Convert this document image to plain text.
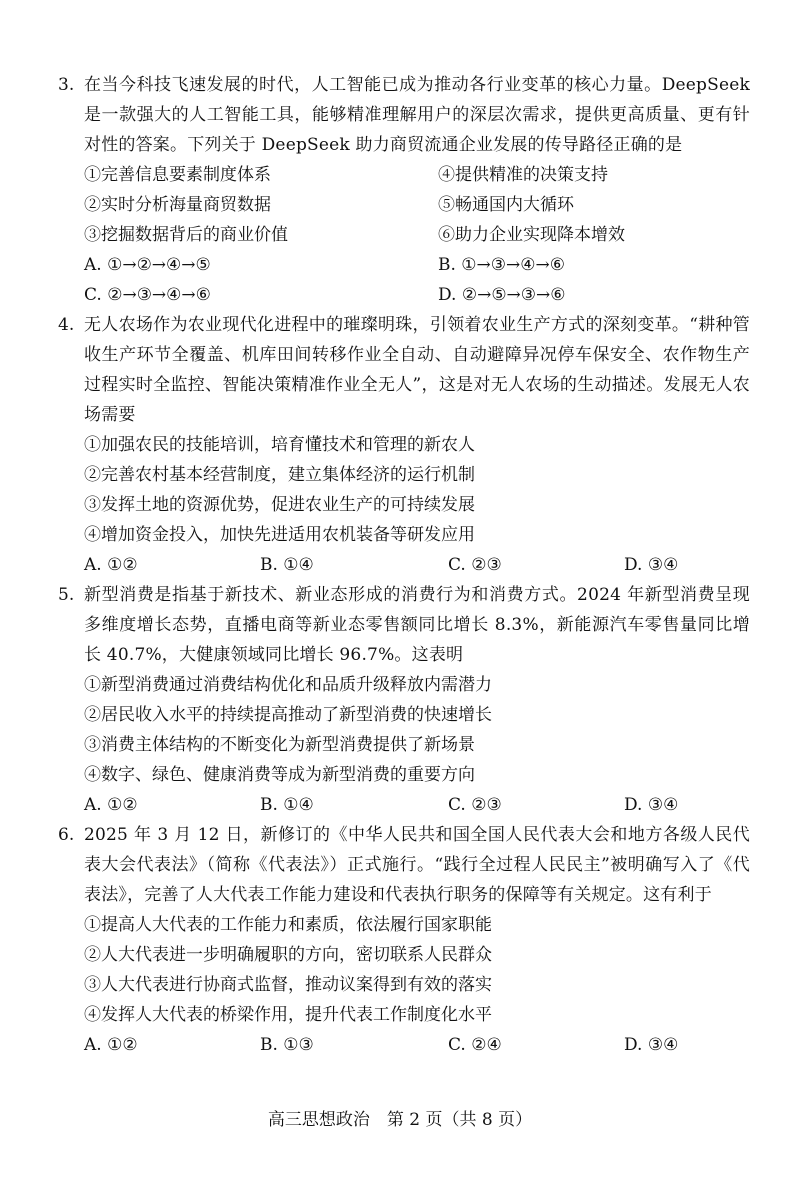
3. 在当今科技飞速发展的时代，人工智能已成为推动各行业变革的核心力量。DeepSeek是一款强大的人工智能工具，能够精准理解用户的深层次需求，提供更高质量、更有针对性的答案。下列关于 DeepSeek 助力商贸流通企业发展的传导路径正确的是
①完善信息要素制度体系	④提供精准的决策支持
②实时分析海量商贸数据	⑤畅通国内大循环
③挖掘数据背后的商业价值	⑥助力企业实现降本增效
A. ①→②→④→⑤	B. ①→③→④→⑥
C. ②→③→④→⑥	D. ②→⑤→③→⑥
4. 无人农场作为农业现代化进程中的璀璨明珠，引领着农业生产方式的深刻变革。“耕种管收生产环节全覆盖、机库田间转移作业全自动、自动避障异况停车保安全、农作物生产过程实时全监控、智能决策精准作业全无人”，这是对无人农场的生动描述。发展无人农场需要
①加强农民的技能培训，培育懂技术和管理的新农人
②完善农村基本经营制度，建立集体经济的运行机制
③发挥土地的资源优势，促进农业生产的可持续发展
④增加资金投入，加快先进适用农机装备等研发应用
A. ①②	B. ①④	C. ②③	D. ③④
5. 新型消费是指基于新技术、新业态形成的消费行为和消费方式。2024 年新型消费呈现多维度增长态势，直播电商等新业态零售额同比增长 8.3%，新能源汽车零售量同比增长 40.7%，大健康领域同比增长 96.7%。这表明
①新型消费通过消费结构优化和品质升级释放内需潜力
②居民收入水平的持续提高推动了新型消费的快速增长
③消费主体结构的不断变化为新型消费提供了新场景
④数字、绿色、健康消费等成为新型消费的重要方向
A. ①②	B. ①④	C. ②③	D. ③④
6. 2025 年 3 月 12 日，新修订的《中华人民共和国全国人民代表大会和地方各级人民代表大会代表法》（简称《代表法》）正式施行。“践行全过程人民民主”被明确写入了《代表法》，完善了人大代表工作能力建设和代表执行职务的保障等有关规定。这有利于
①提高人大代表的工作能力和素质，依法履行国家职能
②人大代表进一步明确履职的方向，密切联系人民群众
③人大代表进行协商式监督，推动议案得到有效的落实
④发挥人大代表的桥梁作用，提升代表工作制度化水平
A. ①②	B. ①③	C. ②④	D. ③④
高三思想政治　第 2 页（共 8 页）
